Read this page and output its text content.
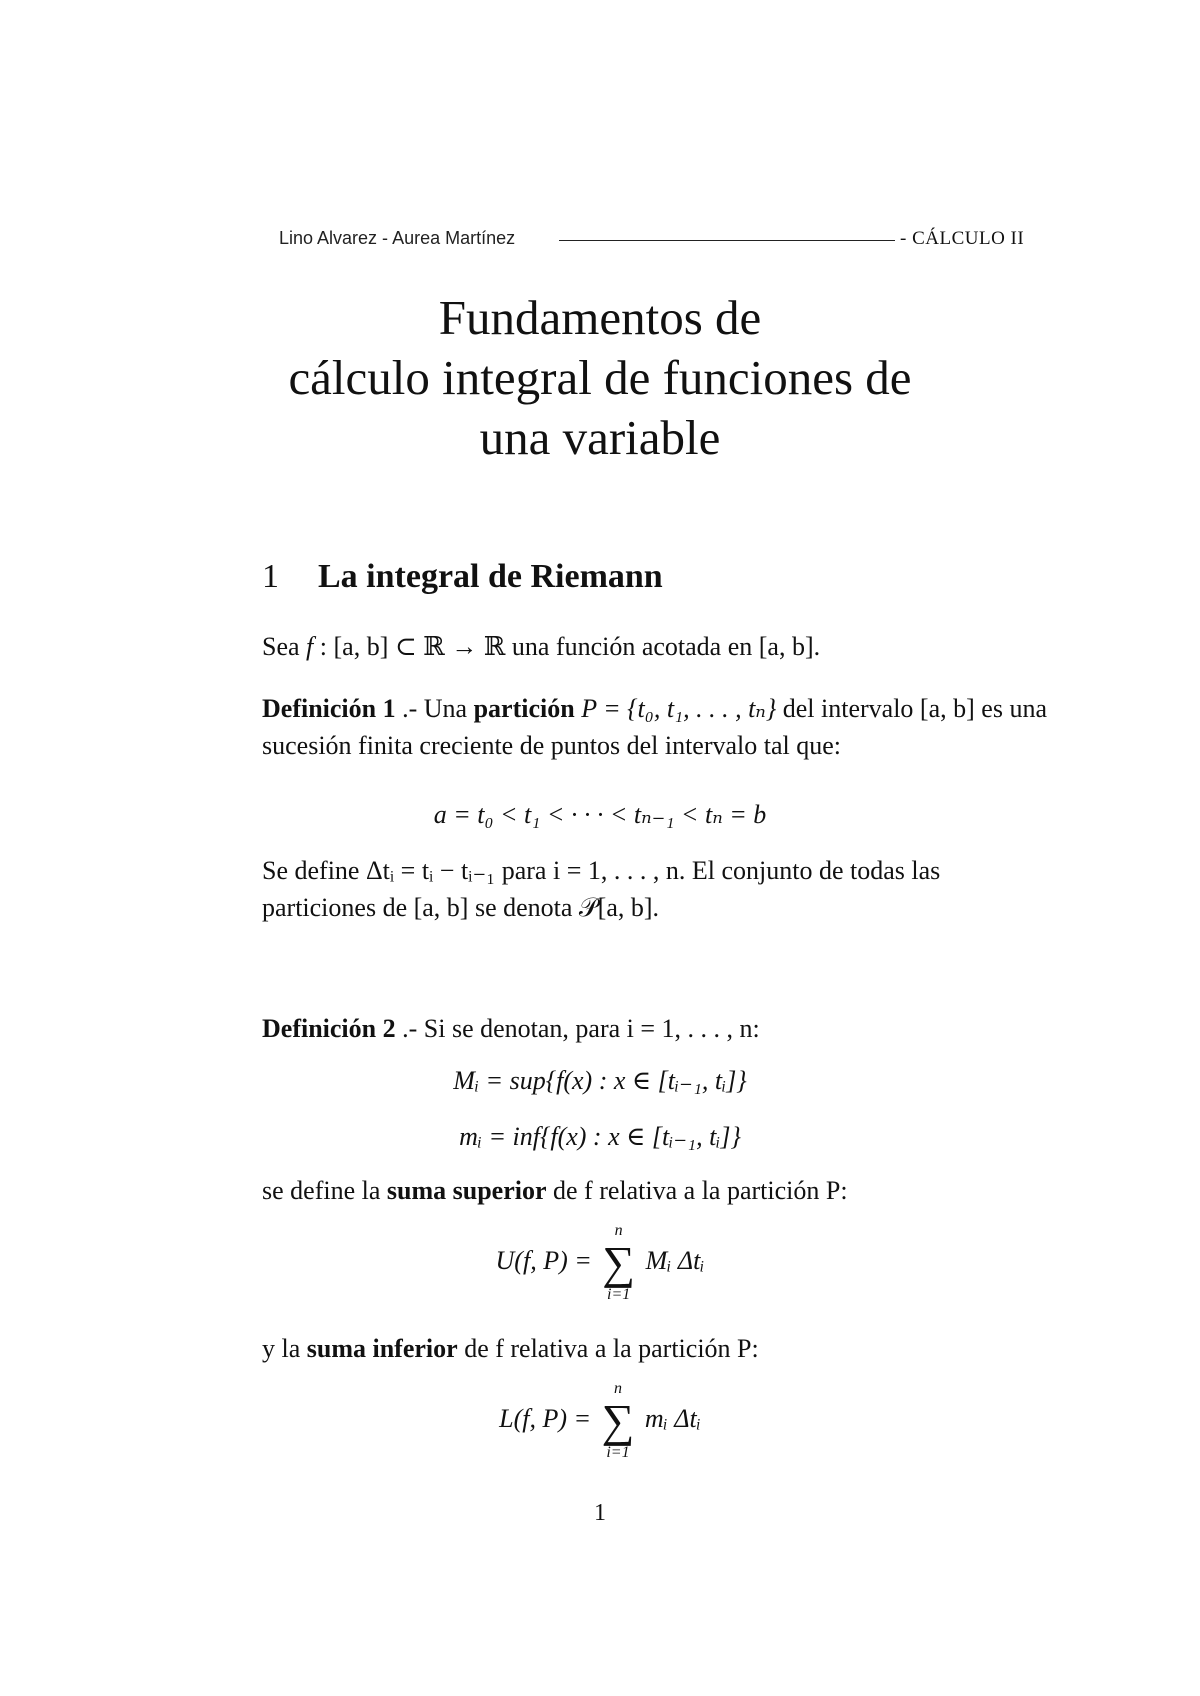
Lino Alvarez - Aurea Martínez	- CÁLCULO II
Fundamentos de
cálculo integral de funciones de
una variable
1 La integral de Riemann
Sea f : [a, b] ⊂ ℝ → ℝ una función acotada en [a, b].
Definición 1 .- Una partición P = {t₀, t₁, . . . , tₙ} del intervalo [a, b] es una sucesión finita creciente de puntos del intervalo tal que:
a = t₀ < t₁ < · · · < tₙ₋₁ < tₙ = b
Se define Δtᵢ = tᵢ − tᵢ₋₁ para i = 1, . . . , n. El conjunto de todas las particiones de [a, b] se denota 𝒫[a, b].
Definición 2 .- Si se denotan, para i = 1, . . . , n:
Mᵢ = sup{f(x) : x ∈ [tᵢ₋₁, tᵢ]}
mᵢ = inf{f(x) : x ∈ [tᵢ₋₁, tᵢ]}
se define la suma superior de f relativa a la partición P:
U(f, P) =
n
∑
i=1
Mᵢ Δtᵢ
y la suma inferior de f relativa a la partición P:
L(f, P) =
n
∑
i=1
mᵢ Δtᵢ
1
